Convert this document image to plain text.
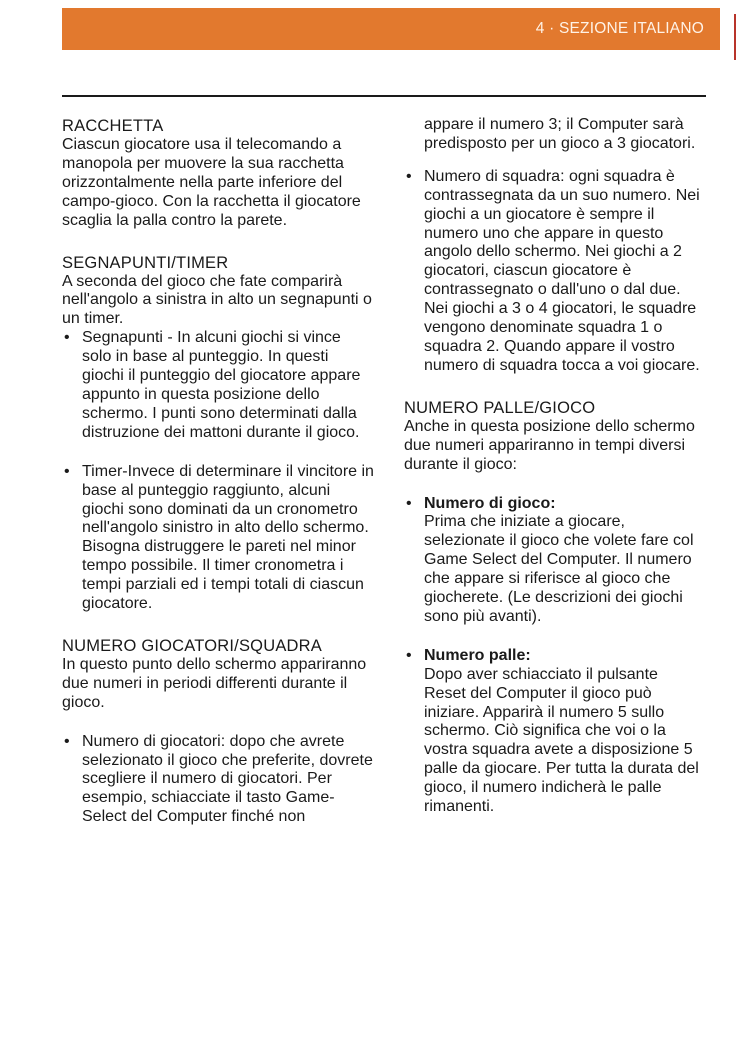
4 · SEZIONE ITALIANO
RACCHETTA

Ciascun giocatore usa il telecomando a manopola per muovere la sua racchetta orizzontalmente nella parte inferiore del campo-gioco. Con la racchetta il giocatore scaglia la palla contro la parete.

SEGNAPUNTI/TIMER

A seconda del gioco che fate comparirà nell'angolo a sinistra in alto un segnapunti o un timer.

• Segnapunti - In alcuni giochi si vince solo in base al punteggio. In questi giochi il punteggio del giocatore appare appunto in questa posizione dello schermo. I punti sono determinati dalla distruzione dei mattoni durante il gioco.
• Timer-Invece di determinare il vincitore in base al punteggio raggiunto, alcuni giochi sono dominati da un cronometro nell'angolo sinistro in alto dello schermo. Bisogna distruggere le pareti nel minor tempo possibile. Il timer cronometra i tempi parziali ed i tempi totali di ciascun giocatore.
NUMERO GIOCATORI/SQUADRA

In questo punto dello schermo appariranno due numeri in periodi differenti durante il gioco.

• Numero di giocatori: dopo che avrete selezionato il gioco che preferite, dovrete scegliere il numero di giocatori. Per esempio, schiacciate il tasto Game-Select del Computer finché non

appare il numero 3; il Computer sarà predisposto per un gioco a 3 giocatori.

• Numero di squadra: ogni squadra è contrassegnata da un suo numero. Nei giochi a un giocatore è sempre il numero uno che appare in questo angolo dello schermo. Nei giochi a 2 giocatori, ciascun giocatore è contrassegnato o dall'uno o dal due. Nei giochi a 3 o 4 giocatori, le squadre vengono denominate squadra 1 o squadra 2. Quando appare il vostro numero di squadra tocca a voi giocare.
NUMERO PALLE/GIOCO

Anche in questa posizione dello schermo due numeri appariranno in tempi diversi durante il gioco:

• Numero di gioco:
Prima che iniziate a giocare, selezionate il gioco che volete fare col Game Select del Computer. Il numero che appare si riferisce al gioco che giocherete. (Le descrizioni dei giochi sono più avanti).
• Numero palle:
Dopo aver schiacciato il pulsante Reset del Computer il gioco può iniziare. Apparirà il numero 5 sullo schermo. Ciò significa che voi o la vostra squadra avete a disposizione 5 palle da giocare. Per tutta la durata del gioco, il numero indicherà le palle rimanenti.
